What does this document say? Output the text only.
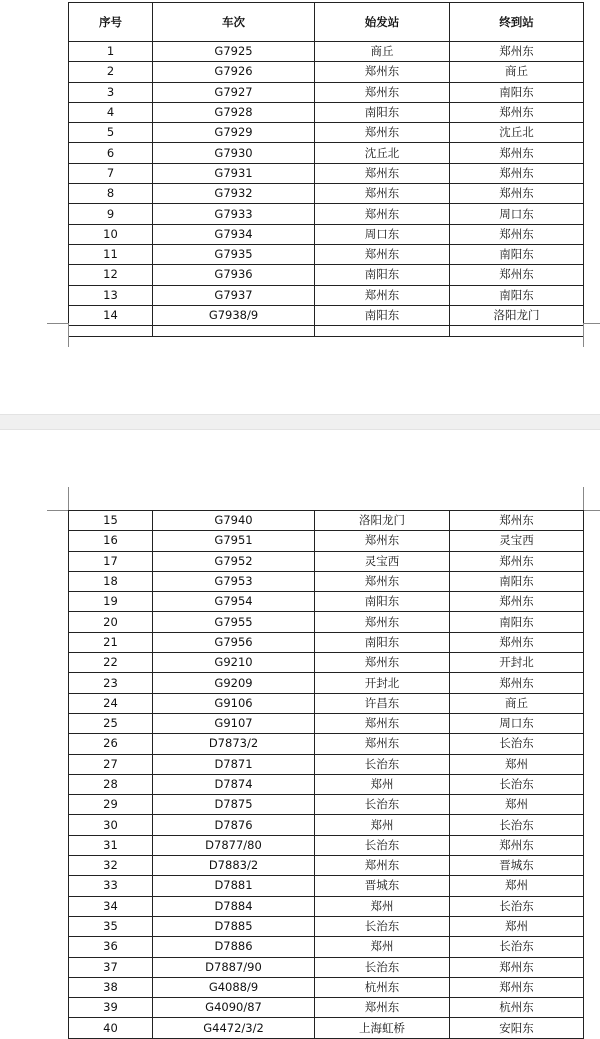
序号	车次	始发站	终到站
1	G7925	商丘	郑州东
2	G7926	郑州东	商丘
3	G7927	郑州东	南阳东
4	G7928	南阳东	郑州东
5	G7929	郑州东	沈丘北
6	G7930	沈丘北	郑州东
7	G7931	郑州东	郑州东
8	G7932	郑州东	郑州东
9	G7933	郑州东	周口东
10	G7934	周口东	郑州东
11	G7935	郑州东	南阳东
12	G7936	南阳东	郑州东
13	G7937	郑州东	南阳东
14	G7938/9	南阳东	洛阳龙门

15	G7940	洛阳龙门	郑州东
16	G7951	郑州东	灵宝西
17	G7952	灵宝西	郑州东
18	G7953	郑州东	南阳东
19	G7954	南阳东	郑州东
20	G7955	郑州东	南阳东
21	G7956	南阳东	郑州东
22	G9210	郑州东	开封北
23	G9209	开封北	郑州东
24	G9106	许昌东	商丘
25	G9107	郑州东	周口东
26	D7873/2	郑州东	长治东
27	D7871	长治东	郑州
28	D7874	郑州	长治东
29	D7875	长治东	郑州
30	D7876	郑州	长治东
31	D7877/80	长治东	郑州东
32	D7883/2	郑州东	晋城东
33	D7881	晋城东	郑州
34	D7884	郑州	长治东
35	D7885	长治东	郑州
36	D7886	郑州	长治东
37	D7887/90	长治东	郑州东
38	G4088/9	杭州东	郑州东
39	G4090/87	郑州东	杭州东
40	G4472/3/2	上海虹桥	安阳东
